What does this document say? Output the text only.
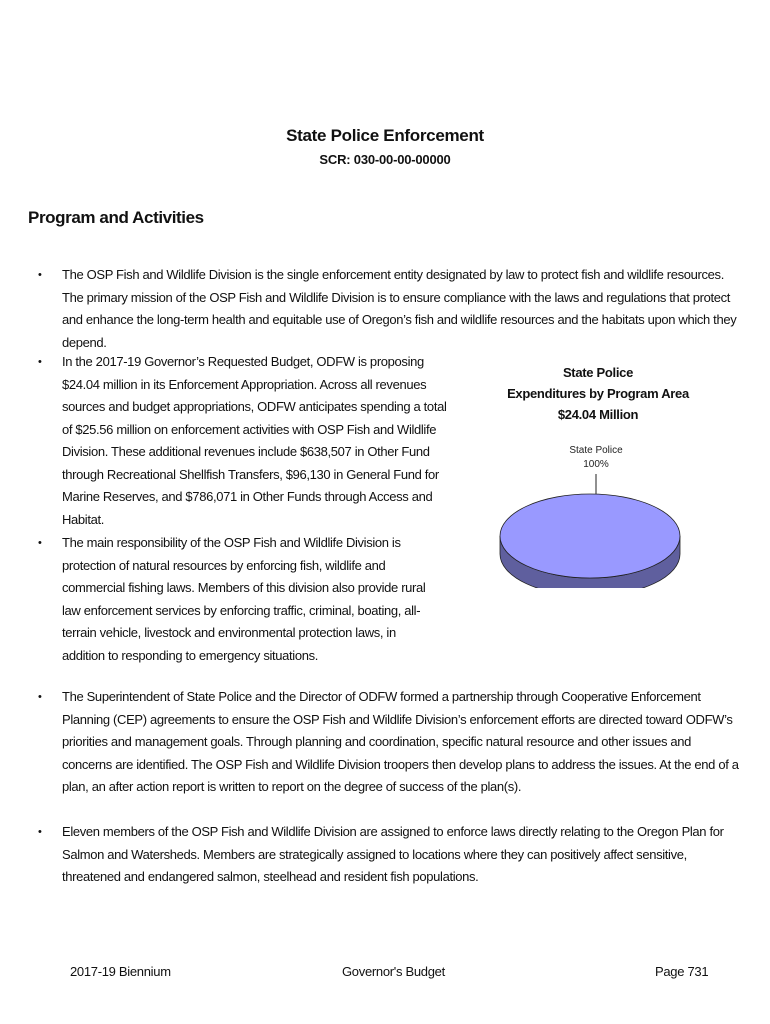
State Police Enforcement
SCR: 030-00-00-00000
Program and Activities
• The OSP Fish and Wildlife Division is the single enforcement entity designated by law to protect fish and wildlife resources. The primary mission of the OSP Fish and Wildlife Division is to ensure compliance with the laws and regulations that protect and enhance the long-term health and equitable use of Oregon’s fish and wildlife resources and the habitats upon which they depend.
• In the 2017-19 Governor’s Requested Budget, ODFW is proposing $24.04 million in its Enforcement Appropriation. Across all revenues sources and budget appropriations, ODFW anticipates spending a total of $25.56 million on enforcement activities with OSP Fish and Wildlife Division. These additional revenues include $638,507 in Other Fund through Recreational Shellfish Transfers, $96,130 in General Fund for Marine Reserves, and $786,071 in Other Funds through Access and Habitat.
State Police
100%
State Police
Expenditures by Program Area
$24.04 Million
• The main responsibility of the OSP Fish and Wildlife Division is protection of natural resources by enforcing fish, wildlife and commercial fishing laws. Members of this division also provide rural law enforcement services by enforcing traffic, criminal, boating, all-terrain vehicle, livestock and environmental protection laws, in addition to responding to emergency situations.
• The Superintendent of State Police and the Director of ODFW formed a partnership through Cooperative Enforcement Planning (CEP) agreements to ensure the OSP Fish and Wildlife Division’s enforcement efforts are directed toward ODFW’s priorities and management goals. Through planning and coordination, specific natural resource and other issues and concerns are identified. The OSP Fish and Wildlife Division troopers then develop plans to address the issues. At the end of a plan, an after action report is written to report on the degree of success of the plan(s).
• Eleven members of the OSP Fish and Wildlife Division are assigned to enforce laws directly relating to the Oregon Plan for Salmon and Watersheds. Members are strategically assigned to locations where they can positively affect sensitive, threatened and endangered salmon, steelhead and resident fish populations.
2017-19 Biennium	Governor's Budget	Page 731
